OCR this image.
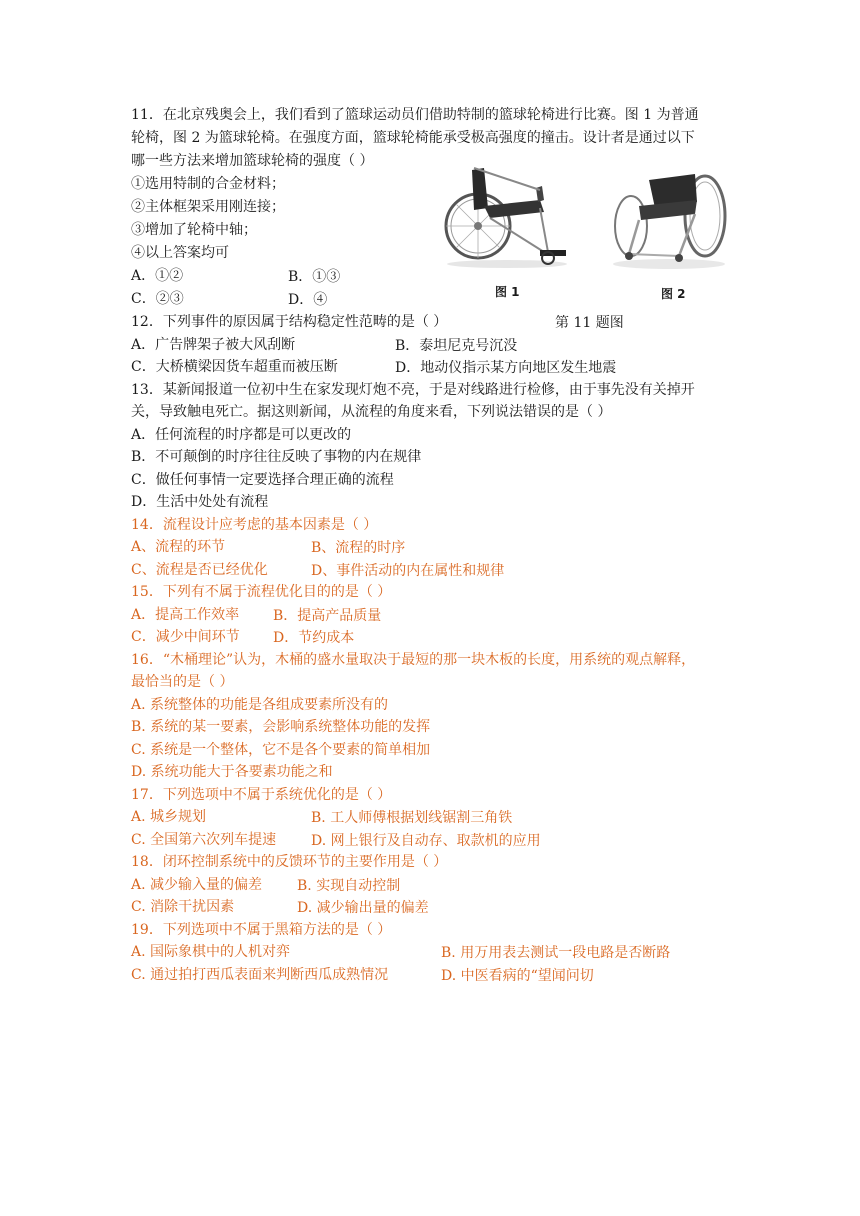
11．在北京残奥会上，我们看到了篮球运动员们借助特制的篮球轮椅进行比赛。图 1 为普通
轮椅，图 2 为篮球轮椅。在强度方面，篮球轮椅能承受极高强度的撞击。设计者是通过以下
哪一些方法来增加篮球轮椅的强度（ ）
①选用特制的合金材料；
②主体框架采用刚连接；
③增加了轮椅中轴；
④以上答案均可
A．①②	B．①③
C．②③	D．④	图 1	图 2
第 11 题图
12．下列事件的原因属于结构稳定性范畴的是（ ）
A．广告牌架子被大风刮断	B．泰坦尼克号沉没
C．大桥横梁因货车超重而被压断	D．地动仪指示某方向地区发生地震
13．某新闻报道一位初中生在家发现灯炮不亮，于是对线路进行检修，由于事先没有关掉开
关，导致触电死亡。据这则新闻，从流程的角度来看，下列说法错误的是（ ）
A．任何流程的时序都是可以更改的
B．不可颠倒的时序往往反映了事物的内在规律
C．做任何事情一定要选择合理正确的流程
D．生活中处处有流程
14．流程设计应考虑的基本因素是（ ）
A、流程的环节	B、流程的时序
C、流程是否已经优化	D、事件活动的内在属性和规律
15．下列有不属于流程优化目的的是（ ）
A．提高工作效率 B．提高产品质量
C．减少中间环节 D．节约成本
16．“木桶理论”认为，木桶的盛水量取决于最短的那一块木板的长度，用系统的观点解释，
最恰当的是（ ）
A. 系统整体的功能是各组成要素所没有的
B. 系统的某一要素，会影响系统整体功能的发挥
C. 系统是一个整体，它不是各个要素的简单相加
D. 系统功能大于各要素功能之和
17．下列选项中不属于系统优化的是（ ）
A. 城乡规划	B. 工人师傅根据划线锯割三角铁
C. 全国第六次列车提速 D. 网上银行及自动存、取款机的应用
18．闭环控制系统中的反馈环节的主要作用是（ ）
A. 减少输入量的偏差 B. 实现自动控制
C. 消除干扰因素	D. 减少输出量的偏差
19．下列选项中不属于黑箱方法的是（ ）
A. 国际象棋中的人机对弈	B. 用万用表去测试一段电路是否断路
C. 通过拍打西瓜表面来判断西瓜成熟情况	D. 中医看病的“望闻问切
